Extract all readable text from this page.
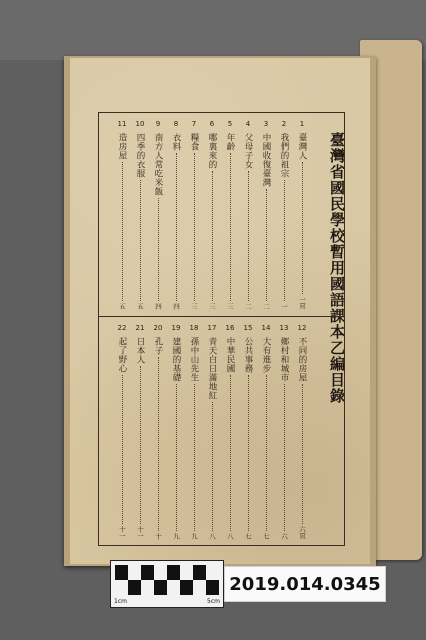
臺灣省國民學校暫用國語課本乙編目錄
1
臺灣人
一頁
2
我們的祖宗
一
3
中國收復臺灣
二
4
父母子女
二
5
年齡
三
6
哪裏來的
三
7
糧食
三
8
衣料
四
9
南方人常吃米飯
四
10
四季的衣服
五
11
造房屋
五
12
不同的房屋
六頁
13
鄉村和城市
六
14
大有進步
七
15
公共事務
七
16
中華民國
八
17
青天白日滿地紅
八
18
孫中山先生
九
19
建國的基礎
九
20
孔子
十
21
日本人
十一
22
起了野心
十一
1cm	5cm
2019.014.0345
